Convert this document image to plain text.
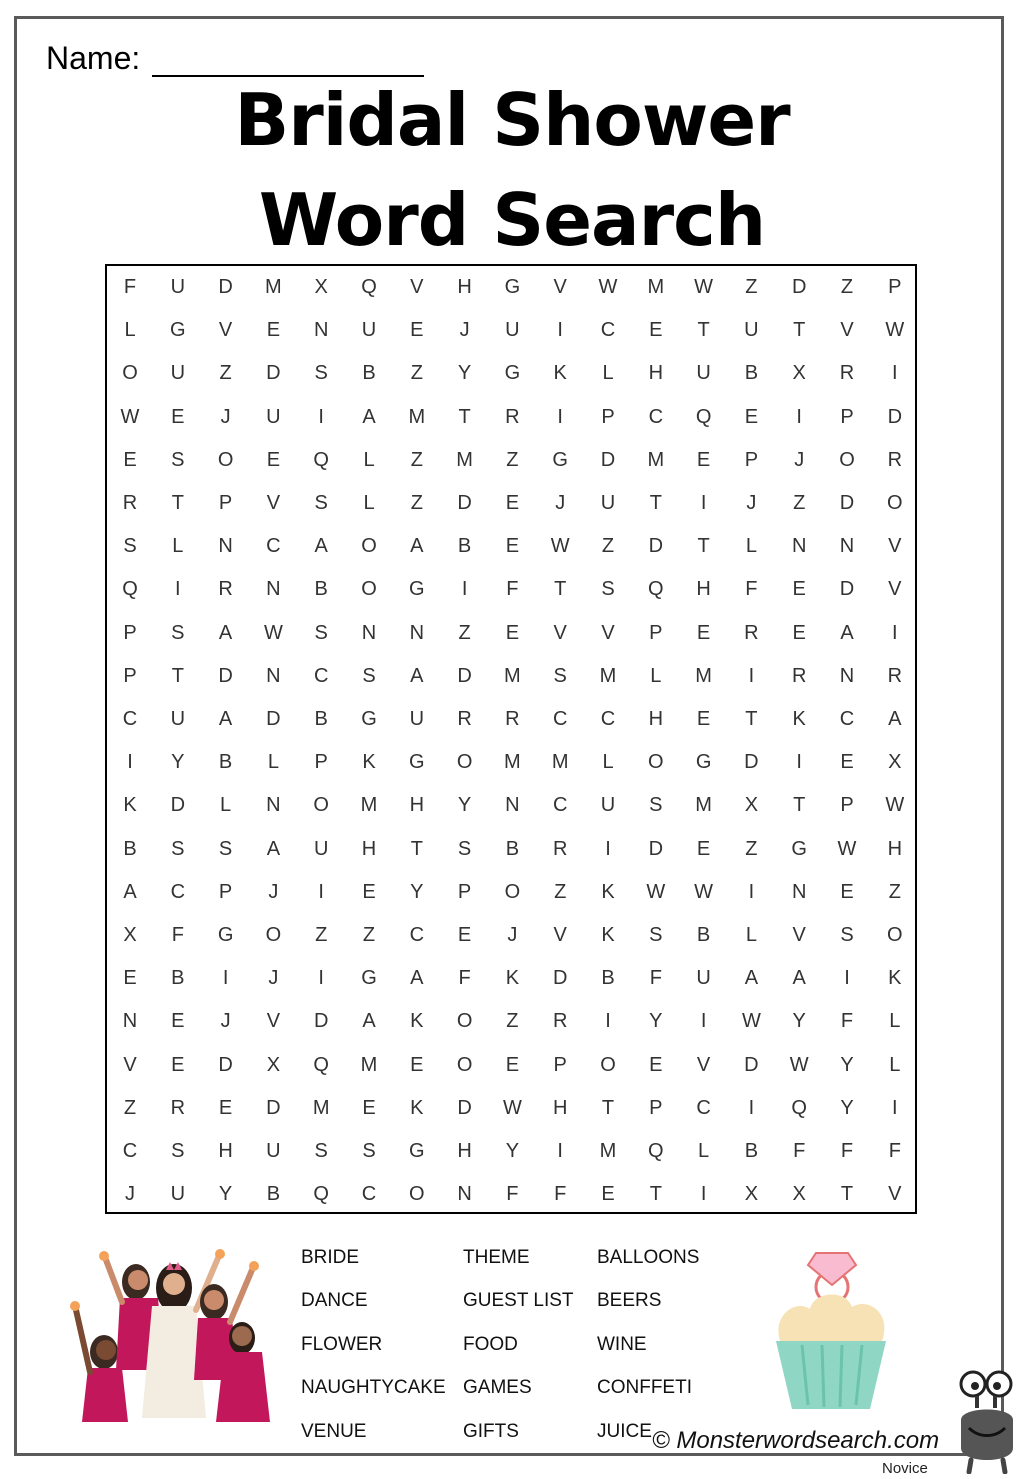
Name:
Bridal Shower
Word Search
F	U	D	M	X	Q	V	H	G	V	W	M	W	Z	D	Z	P
L	G	V	E	N	U	E	J	U	I	C	E	T	U	T	V	W
O	U	Z	D	S	B	Z	Y	G	K	L	H	U	B	X	R	I
W	E	J	U	I	A	M	T	R	I	P	C	Q	E	I	P	D
E	S	O	E	Q	L	Z	M	Z	G	D	M	E	P	J	O	R
R	T	P	V	S	L	Z	D	E	J	U	T	I	J	Z	D	O
S	L	N	C	A	O	A	B	E	W	Z	D	T	L	N	N	V
Q	I	R	N	B	O	G	I	F	T	S	Q	H	F	E	D	V
P	S	A	W	S	N	N	Z	E	V	V	P	E	R	E	A	I
P	T	D	N	C	S	A	D	M	S	M	L	M	I	R	N	R
C	U	A	D	B	G	U	R	R	C	C	H	E	T	K	C	A
I	Y	B	L	P	K	G	O	M	M	L	O	G	D	I	E	X
K	D	L	N	O	M	H	Y	N	C	U	S	M	X	T	P	W
B	S	S	A	U	H	T	S	B	R	I	D	E	Z	G	W	H
A	C	P	J	I	E	Y	P	O	Z	K	W	W	I	N	E	Z
X	F	G	O	Z	Z	C	E	J	V	K	S	B	L	V	S	O
E	B	I	J	I	G	A	F	K	D	B	F	U	A	A	I	K
N	E	J	V	D	A	K	O	Z	R	I	Y	I	W	Y	F	L
V	E	D	X	Q	M	E	O	E	P	O	E	V	D	W	Y	L
Z	R	E	D	M	E	K	D	W	H	T	P	C	I	Q	Y	I
C	S	H	U	S	S	G	H	Y	I	M	Q	L	B	F	F	F
J	U	Y	B	Q	C	O	N	F	F	E	T	I	X	X	T	V
BRIDE
DANCE
FLOWER
NAUGHTYCAKE
VENUE
THEME
GUEST LIST
FOOD
GAMES
GIFTS
BALLOONS
BEERS
WINE
CONFFETI
JUICE © Monsterwordsearch.com
Novice
